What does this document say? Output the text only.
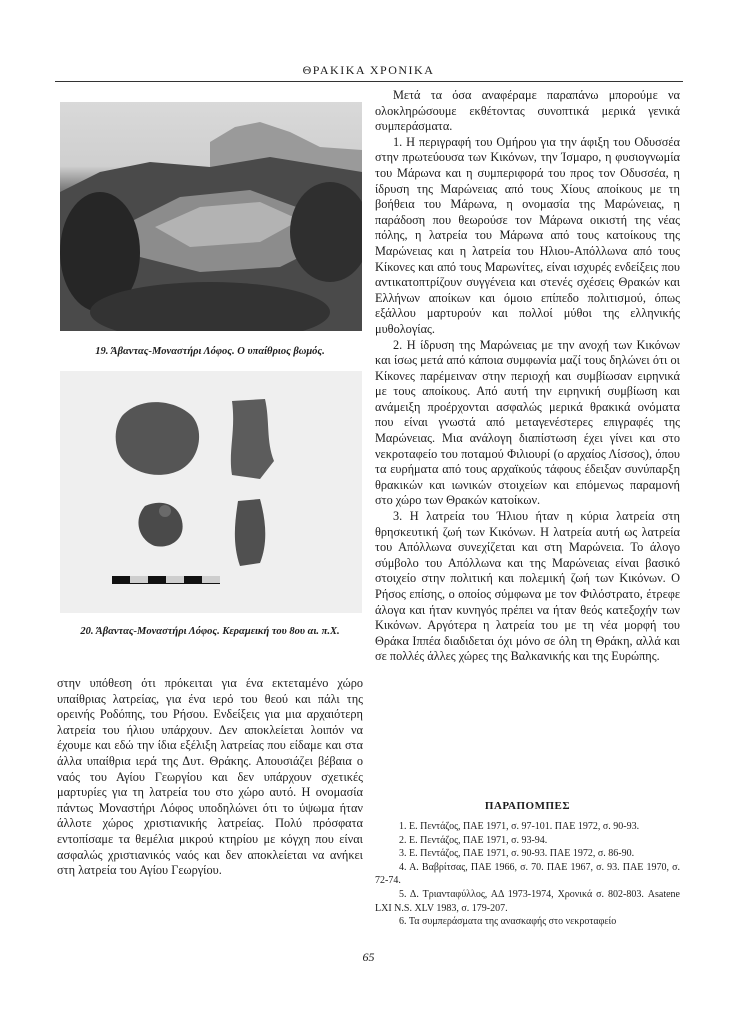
ΘΡΑΚΙΚΑ ΧΡΟΝΙΚΑ
19. Άβαντας-Μοναστήρι Λόφος. Ο υπαίθριος βωμός.
20. Άβαντας-Μοναστήρι Λόφος. Κεραμεική του 8ου αι. π.Χ.

στην υπόθεση ότι πρόκειται για ένα εκτεταμένο χώρο υπαίθριας λατρείας, για ένα ιερό του θεού και πάλι της ορεινής Ροδόπης, του Ρήσου. Ενδείξεις για μια αρχαιότερη λατρεία του ήλιου υπάρχουν. Δεν αποκλείεται λοιπόν να έχουμε και εδώ την ίδια εξέλιξη λατρείας που είδαμε και στα άλλα υπαίθρια ιερά της Δυτ. Θράκης. Απουσιάζει βέβαια ο ναός του Αγίου Γεωργίου και δεν υπάρχουν σχετικές μαρτυρίες για τη λατρεία του στο χώρο αυτό. Η ονομασία πάντως Μοναστήρι Λόφος υποδηλώνει ότι το ύψωμα ήταν άλλοτε χώρος χριστιανικής λατρείας. Πολύ πρόσφατα εντοπίσαμε τα θεμέλια μικρού κτηρίου με κόγχη που είναι ασφαλώς χριστιανικός ναός και δεν αποκλείεται να ανήκει στη λατρεία του Αγίου Γεωργίου.

Μετά τα όσα αναφέραμε παραπάνω μπορούμε να ολοκληρώσουμε εκθέτοντας συνοπτικά μερικά γενικά συμπεράσματα.

1. Η περιγραφή του Ομήρου για την άφιξη του Οδυσσέα στην πρωτεύουσα των Κικόνων, την Ίσμαρο, η φυσιογνωμία του Μάρωνα και η συμπεριφορά του προς τον Οδυσσέα, η ίδρυση της Μαρώνειας από τους Χίους αποίκους με τη βοήθεια του Μάρωνα, η ονομασία της Μαρώνειας, η παράδοση που θεωρούσε τον Μάρωνα οικιστή της νέας πόλης, η λατρεία του Μάρωνα από τους κατοίκους της Μαρώνειας και η λατρεία του Ηλιου-Απόλλωνα από τους Κίκονες και από τους Μαρωνίτες, είναι ισχυρές ενδείξεις που αντικατοπτρίζουν συγγένεια και στενές σχέσεις Θρακών και Ελλήνων αποίκων και όμοιο επίπεδο πολιτισμού, όπως εξάλλου μαρτυρούν και πολλοί μύθοι της ελληνικής μυθολογίας.

2. Η ίδρυση της Μαρώνειας με την ανοχή των Κικόνων και ίσως μετά από κάποια συμφωνία μαζί τους δηλώνει ότι οι Κίκονες παρέμειναν στην περιοχή και συμβίωσαν ειρηνικά με τους αποίκους. Από αυτή την ειρηνική συμβίωση και ανάμειξη προέρχονται ασφαλώς μερικά θρακικά ονόματα που είναι γνωστά από μεταγενέστερες επιγραφές της Μαρώνειας. Μια ανάλογη διαπίστωση έχει γίνει και στο νεκροταφείο του ποταμού Φιλιουρί (ο αρχαίος Λίσσος), όπου τα ευρήματα από τους αρχαϊκούς τάφους έδειξαν συνύπαρξη θρακικών και ιωνικών στοιχείων και επόμενως παραμονή στο χώρο των Θρακών κατοίκων.

3. Η λατρεία του Ήλιου ήταν η κύρια λατρεία στη θρησκευτική ζωή των Κικόνων. Η λατρεία αυτή ως λατρεία του Απόλλωνα συνεχίζεται και στη Μαρώνεια. Το άλογο σύμβολο του Απόλλωνα και της Μαρώνειας είναι βασικό στοιχείο στην πολιτική και πολεμική ζωή των Κικόνων. Ο Ρήσος επίσης, ο οποίος σύμφωνα με τον Φιλόστρατο, έτρεφε άλογα και ήταν κυνηγός πρέπει να ήταν θεός κατεξοχήν των Κικόνων. Αργότερα η λατρεία του με τη νέα μορφή του Θράκα Ιππέα διαδιδεται όχι μόνο σε όλη τη Θράκη, αλλά και σε πολλές άλλες χώρες της Βαλκανικής και της Ευρώπης.

ΠΑΡΑΠΟΜΠΕΣ
1. Ε. Πεντάζος, ΠΑΕ 1971, σ. 97-101. ΠΑΕ 1972, σ. 90-93.
2. Ε. Πεντάζος, ΠΑΕ 1971, σ. 93-94.
3. Ε. Πεντάζος, ΠΑΕ 1971, σ. 90-93. ΠΑΕ 1972, σ. 86-90.
4. Α. Βαβρίτσας, ΠΑΕ 1966, σ. 70. ΠΑΕ 1967, σ. 93. ΠΑΕ 1970, σ. 72-74.
5. Δ. Τριανταφύλλος, ΑΔ 1973-1974, Χρονικά σ. 802-803. Asatene LXI N.S. XLV 1983, σ. 179-207.
6. Τα συμπεράσματα της ανασκαφής στο νεκροταφείο
65
